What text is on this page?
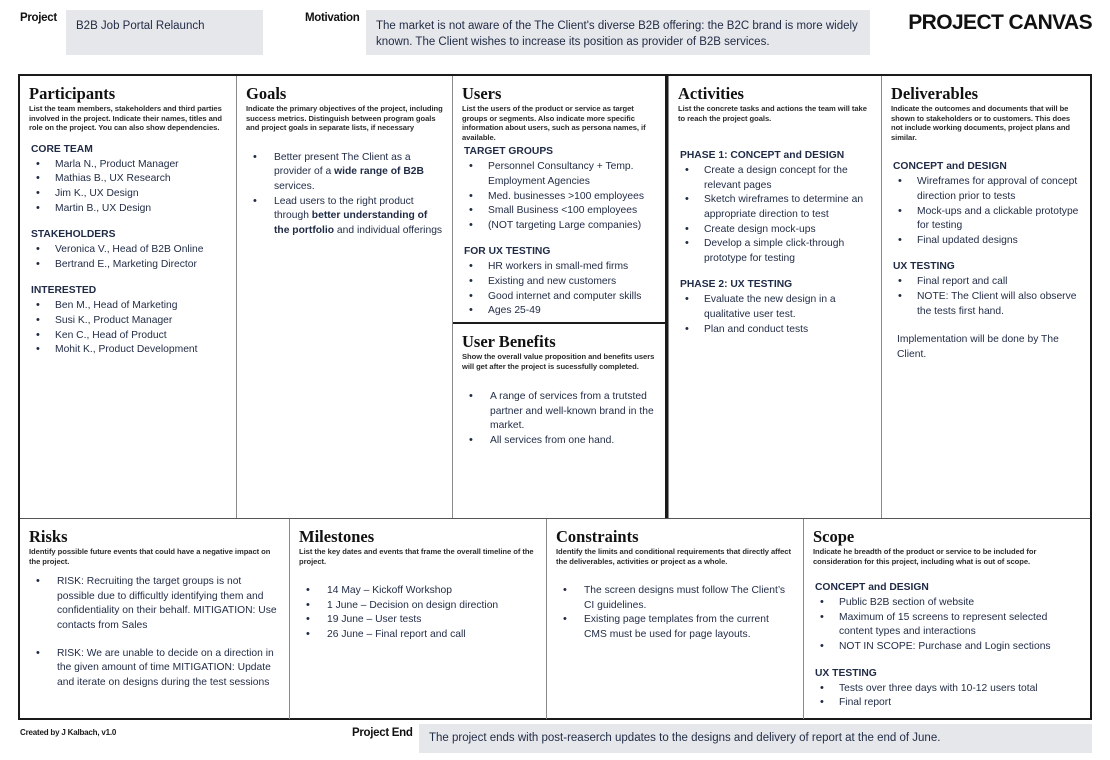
Project
B2B Job Portal Relaunch
Motivation
The market is not aware of the The Client's diverse B2B offering: the B2C brand is more widely known. The Client wishes to increase its position as provider of B2B services.
PROJECT CANVAS
Participants
List the team members, stakeholders and third parties involved in the project. Indicate their names, titles and role on the project. You can also show dependencies.
CORE TEAM
• Marla N., Product Manager
• Mathias B., UX Research
• Jim K., UX Design
• Martin B., UX Design
STAKEHOLDERS
• Veronica V., Head of B2B Online
• Bertrand E., Marketing Director
INTERESTED
• Ben M., Head of Marketing
• Susi K., Product Manager
• Ken C., Head of Product
• Mohit K., Product Development
Goals
Indicate the primary objectives of the project, including success metrics. Distinguish between program goals and project goals in separate lists, if necessary
• Better present The Client as a provider of a wide range of B2B services.
• Lead users to the right product through better understanding of the portfolio and individual offerings
Users
List the users of the product or service as target groups or segments. Also indicate more specific information about users, such as persona names, if available.
TARGET GROUPS
• Personnel Consultancy + Temp. Employment Agencies
• Med. businesses >100 employees
• Small Business <100 employees
• (NOT targeting Large companies)
FOR UX TESTING
• HR workers in small-med firms
• Existing and new customers
• Good internet and computer skills
• Ages 25-49
User Benefits
Show the overall value proposition and benefits users will get after the project is sucessfully completed.
• A range of services from a trutsted partner and well-known brand in the market.
• All services from one hand.
Activities
List the concrete tasks and actions the team will take to reach the project goals.
PHASE 1: CONCEPT and DESIGN
• Create a design concept for the relevant pages
• Sketch wireframes to determine an appropriate direction to test
• Create design mock-ups
• Develop a simple click-through prototype for testing
PHASE 2: UX TESTING
• Evaluate the new design in a qualitative user test.
• Plan and conduct tests
Deliverables
Indicate the outcomes and documents that will be shown to stakeholders or to customers. This does not include working documents, project plans and similar.
CONCEPT and DESIGN
• Wireframes for approval of concept direction prior to tests
• Mock-ups and a clickable prototype for testing
• Final updated designs
UX TESTING
• Final report and call
• NOTE: The Client will also observe the tests first hand.
Implementation will be done by The Client.
Risks
Identify possible future events that could have a negative impact on the project.
• RISK: Recruiting the target groups is not possible due to difficultly identifying them and confidentiality on their behalf. MITIGATION: Use contacts from Sales
• RISK: We are unable to decide on a direction in the given amount of time MITIGATION: Update and iterate on designs during the test sessions
Milestones
List the key dates and events that frame the overall timeline of the project.
• 14 May – Kickoff Workshop
• 1 June – Decision on design direction
• 19 June – User tests
• 26 June – Final report and call
Constraints
Identify the limits and conditional requirements that directly affect the deliverables, activities or project as a whole.
• The screen designs must follow The Client’s CI guidelines.
• Existing page templates from the current CMS must be used for page layouts.
Scope
Indicate he breadth of the product or service to be included for consideration for this project, including what is out of scope.
CONCEPT and DESIGN
• Public B2B section of website
• Maximum of 15 screens to represent selected content types and interactions
• NOT IN SCOPE: Purchase and Login sections
UX TESTING
• Tests over three days with 10-12 users total
• Final report
Created by J Kalbach, v1.0	Project End	The project ends with post-reaserch updates to the designs and delivery of report at the end of June.
